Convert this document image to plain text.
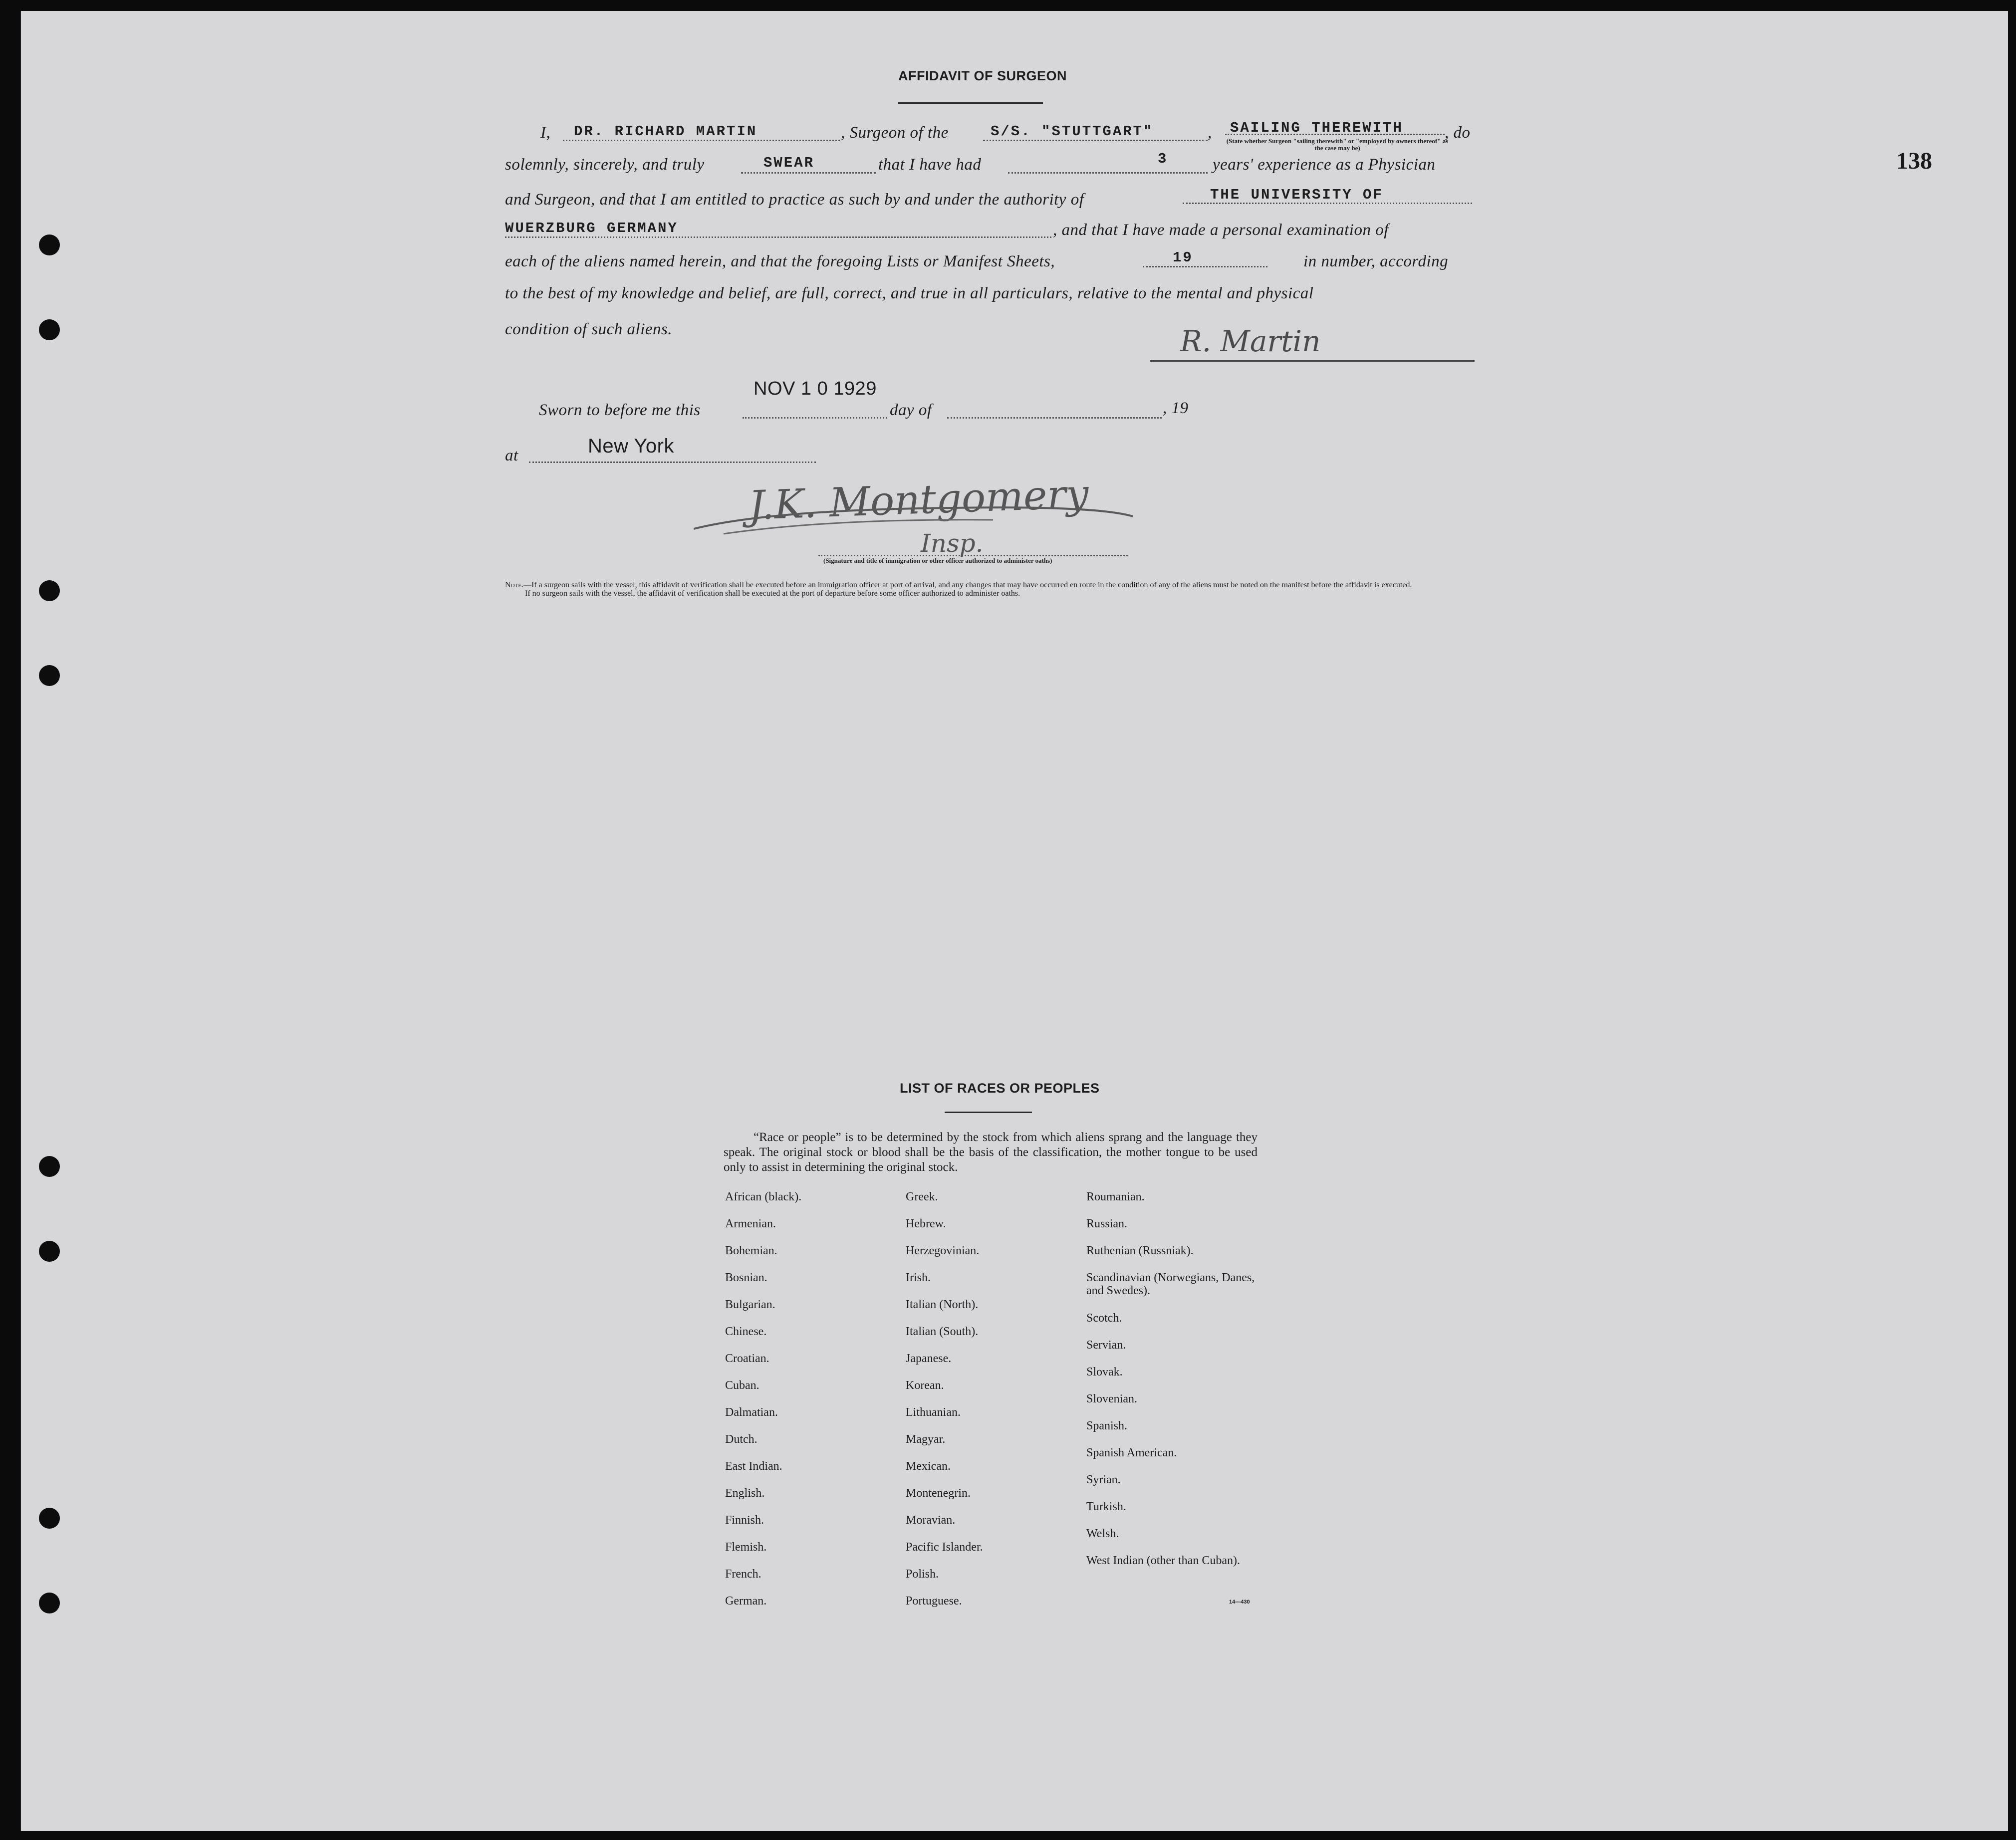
138
AFFIDAVIT OF SURGEON
I, DR. RICHARD MARTIN	, Surgeon of the	S/S. "STUTTGART"	, SAILING THEREWITH
(State whether Surgeon "sailing therewith" or "employed by owners thereof" as the case may be)
, do
solemnly, sincerely, and truly	SWEAR	that I have had	3	years' experience as a Physician
and Surgeon, and that I am entitled to practice as such by and under the authority of	THE UNIVERSITY OF
WUERZBURG GERMANY	, and that I have made a personal examination of
each of the aliens named herein, and that the foregoing Lists or Manifest Sheets,	19	in number, according
to the best of my knowledge and belief, are full, correct, and true in all particulars, relative to the mental and physical
condition of such aliens.	R. Martin
Sworn to before me this
NOV 1 0 1929
day of	, 19
at	New York
J.K. Montgomery
Insp.
(Signature and title of immigration or other officer authorized to administer oaths)
Note.—If a surgeon sails with the vessel, this affidavit of verification shall be executed before an immigration officer at port of arrival, and any changes that may have occurred en route in the condition of any of the aliens must be noted on the manifest before the affidavit is executed.
If no surgeon sails with the vessel, the affidavit of verification shall be executed at the port of departure before some officer authorized to administer oaths.
LIST OF RACES OR PEOPLES
“Race or people” is to be determined by the stock from which aliens sprang and the language they speak. The original stock or blood shall be the basis of the classification, the mother tongue to be used only to assist in determining the original stock.
African (black).
Armenian.
Bohemian.
Bosnian.
Bulgarian.
Chinese.
Croatian.
Cuban.
Dalmatian.
Dutch.
East Indian.
English.
Finnish.
Flemish.
French.
German.
Greek.
Hebrew.
Herzegovinian.
Irish.
Italian (North).
Italian (South).
Japanese.
Korean.
Lithuanian.
Magyar.
Mexican.
Montenegrin.
Moravian.
Pacific Islander.
Polish.
Portuguese.
Roumanian.
Russian.
Ruthenian (Russniak).
Scandinavian (Norwegians, Danes, and Swedes).
Scotch.
Servian.
Slovak.
Slovenian.
Spanish.
Spanish American.
Syrian.
Turkish.
Welsh.
West Indian (other than Cuban).
14—430
